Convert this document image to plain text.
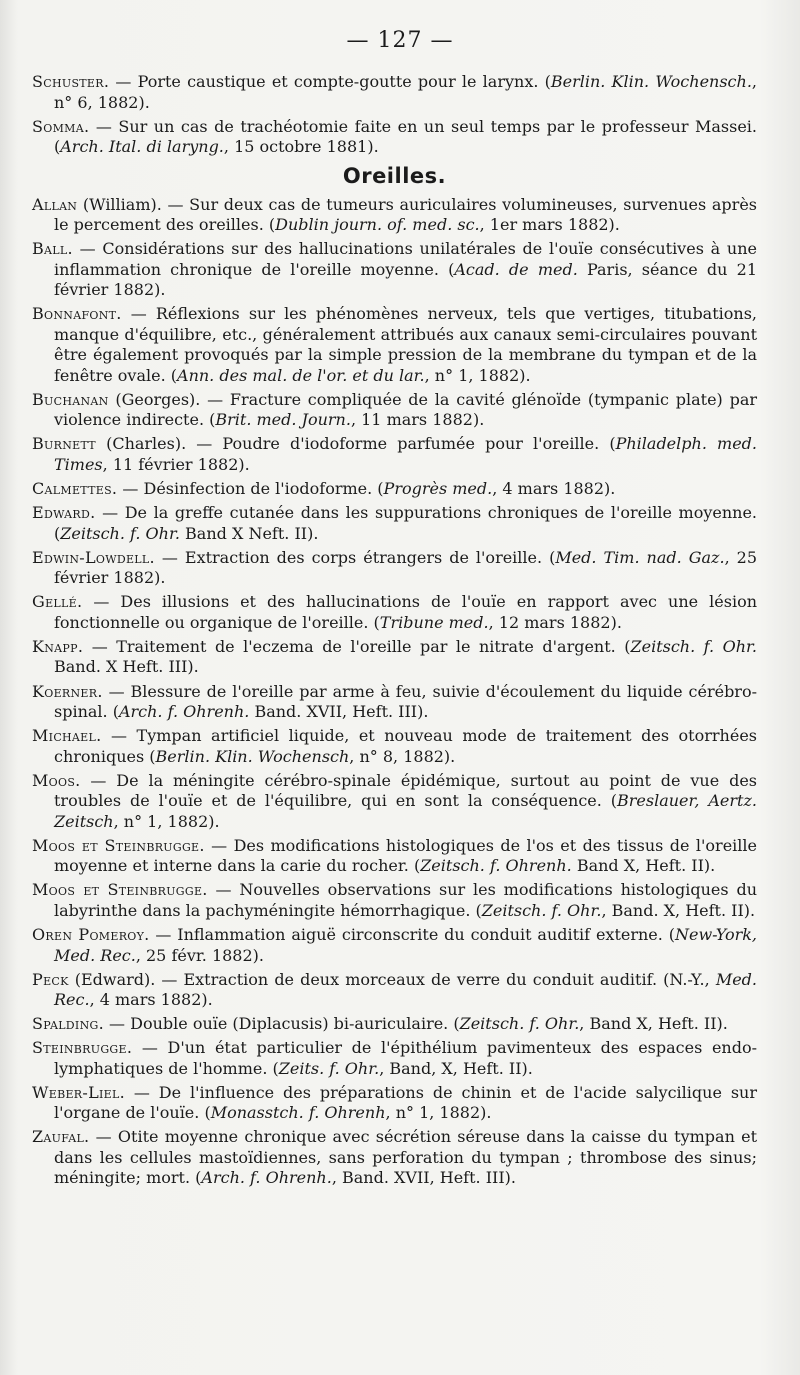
— 127 —

Schuster. — Porte caustique et compte-goutte pour le larynx. (Berlin. Klin. Wochensch., n° 6, 1882).

Somma. — Sur un cas de trachéotomie faite en un seul temps par le professeur Massei. (Arch. Ital. di laryng., 15 octobre 1881).

Oreilles.

Allan (William). — Sur deux cas de tumeurs auriculaires volumineuses, survenues après le percement des oreilles. (Dublin journ. of. med. sc., 1er mars 1882).

Ball. — Considérations sur des hallucinations unilatérales de l'ouïe consécutives à une inflammation chronique de l'oreille moyenne. (Acad. de med. Paris, séance du 21 février 1882).

Bonnafont. — Réflexions sur les phénomènes nerveux, tels que vertiges, titubations, manque d'équilibre, etc., généralement attribués aux canaux semi-circulaires pouvant être également provoqués par la simple pression de la membrane du tympan et de la fenêtre ovale. (Ann. des mal. de l'or. et du lar., n° 1, 1882).

Buchanan (Georges). — Fracture compliquée de la cavité glénoïde (tympanic plate) par violence indirecte. (Brit. med. Journ., 11 mars 1882).

Burnett (Charles). — Poudre d'iodoforme parfumée pour l'oreille. (Philadelph. med. Times, 11 février 1882).

Calmettes. — Désinfection de l'iodoforme. (Progrès med., 4 mars 1882).

Edward. — De la greffe cutanée dans les suppurations chroniques de l'oreille moyenne. (Zeitsch. f. Ohr. Band X Neft. II).

Edwin-Lowdell. — Extraction des corps étrangers de l'oreille. (Med. Tim. nad. Gaz., 25 février 1882).

Gellé. — Des illusions et des hallucinations de l'ouïe en rapport avec une lésion fonctionnelle ou organique de l'oreille. (Tribune med., 12 mars 1882).

Knapp. — Traitement de l'eczema de l'oreille par le nitrate d'argent. (Zeitsch. f. Ohr. Band. X Heft. III).

Koerner. — Blessure de l'oreille par arme à feu, suivie d'écoulement du liquide cérébro-spinal. (Arch. f. Ohrenh. Band. XVII, Heft. III).

Michael. — Tympan artificiel liquide, et nouveau mode de traitement des otorrhées chroniques (Berlin. Klin. Wochensch, n° 8, 1882).

Moos. — De la méningite cérébro-spinale épidémique, surtout au point de vue des troubles de l'ouïe et de l'équilibre, qui en sont la conséquence. (Breslauer, Aertz. Zeitsch, n° 1, 1882).

Moos et Steinbrugge. — Des modifications histologiques de l'os et des tissus de l'oreille moyenne et interne dans la carie du rocher. (Zeitsch. f. Ohrenh. Band X, Heft. II).

Moos et Steinbrugge. — Nouvelles observations sur les modifications histologiques du labyrinthe dans la pachyméningite hémorrhagique. (Zeitsch. f. Ohr., Band. X, Heft. II).

Oren Pomeroy. — Inflammation aiguë circonscrite du conduit auditif externe. (New-York, Med. Rec., 25 févr. 1882).

Peck (Edward). — Extraction de deux morceaux de verre du conduit auditif. (N.-Y., Med. Rec., 4 mars 1882).

Spalding. — Double ouïe (Diplacusis) bi-auriculaire. (Zeitsch. f. Ohr., Band X, Heft. II).

Steinbrugge. — D'un état particulier de l'épithélium pavimenteux des espaces endo-lymphatiques de l'homme. (Zeits. f. Ohr., Band, X, Heft. II).

Weber-Liel. — De l'influence des préparations de chinin et de l'acide salycilique sur l'organe de l'ouïe. (Monasstch. f. Ohrenh, n° 1, 1882).

Zaufal. — Otite moyenne chronique avec sécrétion séreuse dans la caisse du tympan et dans les cellules mastoïdiennes, sans perforation du tympan ; thrombose des sinus; méningite; mort. (Arch. f. Ohrenh., Band. XVII, Heft. III).
